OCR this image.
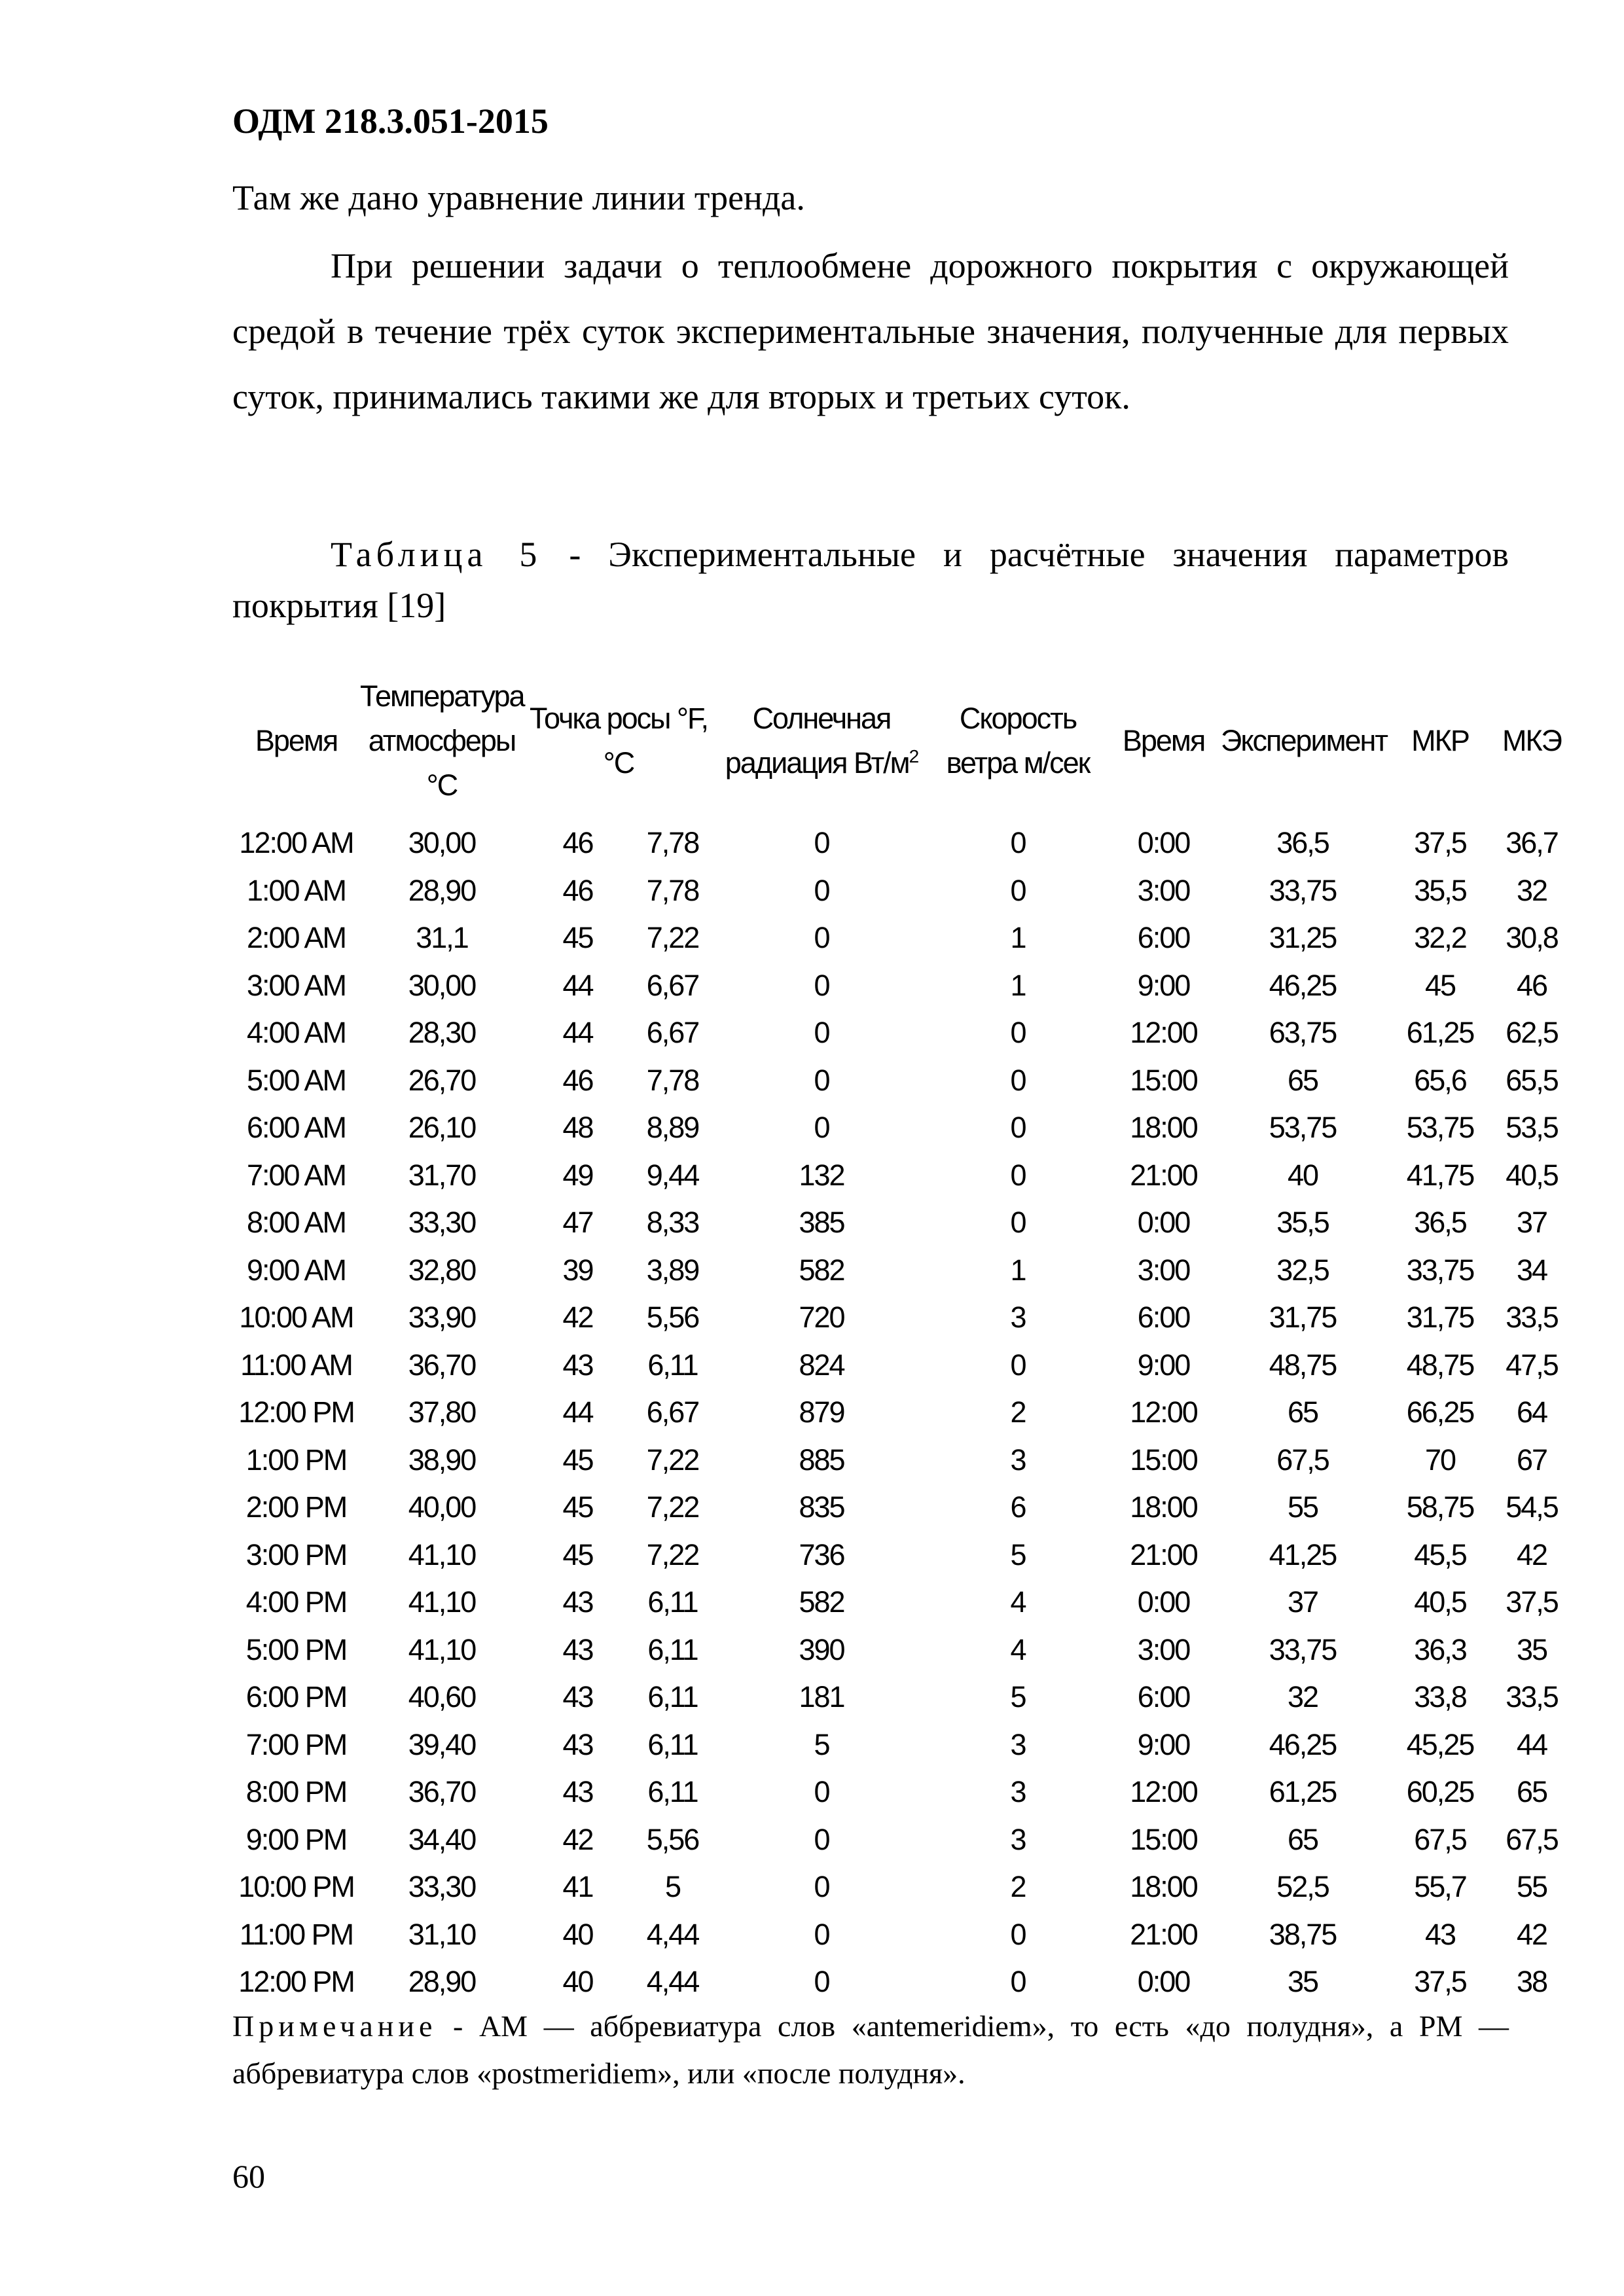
ОДМ 218.3.051-2015
Там же дано уравнение линии тренда.
При решении задачи о теплообмене дорожного покрытия с окружающей средой в течение трёх суток экспериментальные значения, полученные для первых суток, принимались такими же для вторых и третьих суток.
Таблица 5 - Экспериментальные и расчётные значения параметров покрытия [19]
Время	Температура атмосферы °С	Точка росы °F, °C		Солнечная радиация $Вт/м^2$	Скорость ветра м/сек	Время	Эксперимент	МКР	МКЭ
12:00 AM	30,00	46	7,78	0	0	0:00	36,5	37,5	36,7
1:00 AM	28,90	46	7,78	0	0	3:00	33,75	35,5	32
2:00 AM	31,1	45	7,22	0	1	6:00	31,25	32,2	30,8
3:00 AM	30,00	44	6,67	0	1	9:00	46,25	45	46
4:00 AM	28,30	44	6,67	0	0	12:00	63,75	61,25	62,5
5:00 AM	26,70	46	7,78	0	0	15:00	65	65,6	65,5
6:00 AM	26,10	48	8,89	0	0	18:00	53,75	53,75	53,5
7:00 AM	31,70	49	9,44	132	0	21:00	40	41,75	40,5
8:00 AM	33,30	47	8,33	385	0	0:00	35,5	36,5	37
9:00 AM	32,80	39	3,89	582	1	3:00	32,5	33,75	34
10:00 AM	33,90	42	5,56	720	3	6:00	31,75	31,75	33,5
11:00 AM	36,70	43	6,11	824	0	9:00	48,75	48,75	47,5
12:00 PM	37,80	44	6,67	879	2	12:00	65	66,25	64
1:00 PM	38,90	45	7,22	885	3	15:00	67,5	70	67
2:00 PM	40,00	45	7,22	835	6	18:00	55	58,75	54,5
3:00 PM	41,10	45	7,22	736	5	21:00	41,25	45,5	42
4:00 PM	41,10	43	6,11	582	4	0:00	37	40,5	37,5
5:00 PM	41,10	43	6,11	390	4	3:00	33,75	36,3	35
6:00 PM	40,60	43	6,11	181	5	6:00	32	33,8	33,5
7:00 PM	39,40	43	6,11	5	3	9:00	46,25	45,25	44
8:00 PM	36,70	43	6,11	0	3	12:00	61,25	60,25	65
9:00 PM	34,40	42	5,56	0	3	15:00	65	67,5	67,5
10:00 PM	33,30	41	5	0	2	18:00	52,5	55,7	55
11:00 PM	31,10	40	4,44	0	0	21:00	38,75	43	42
12:00 PM	28,90	40	4,44	0	0	0:00	35	37,5	38
Примечание - AM — аббревиатура слов «antemeridiem», то есть «до полудня», а PM — аббревиатура слов «postmeridiem», или «после полудня».
60
